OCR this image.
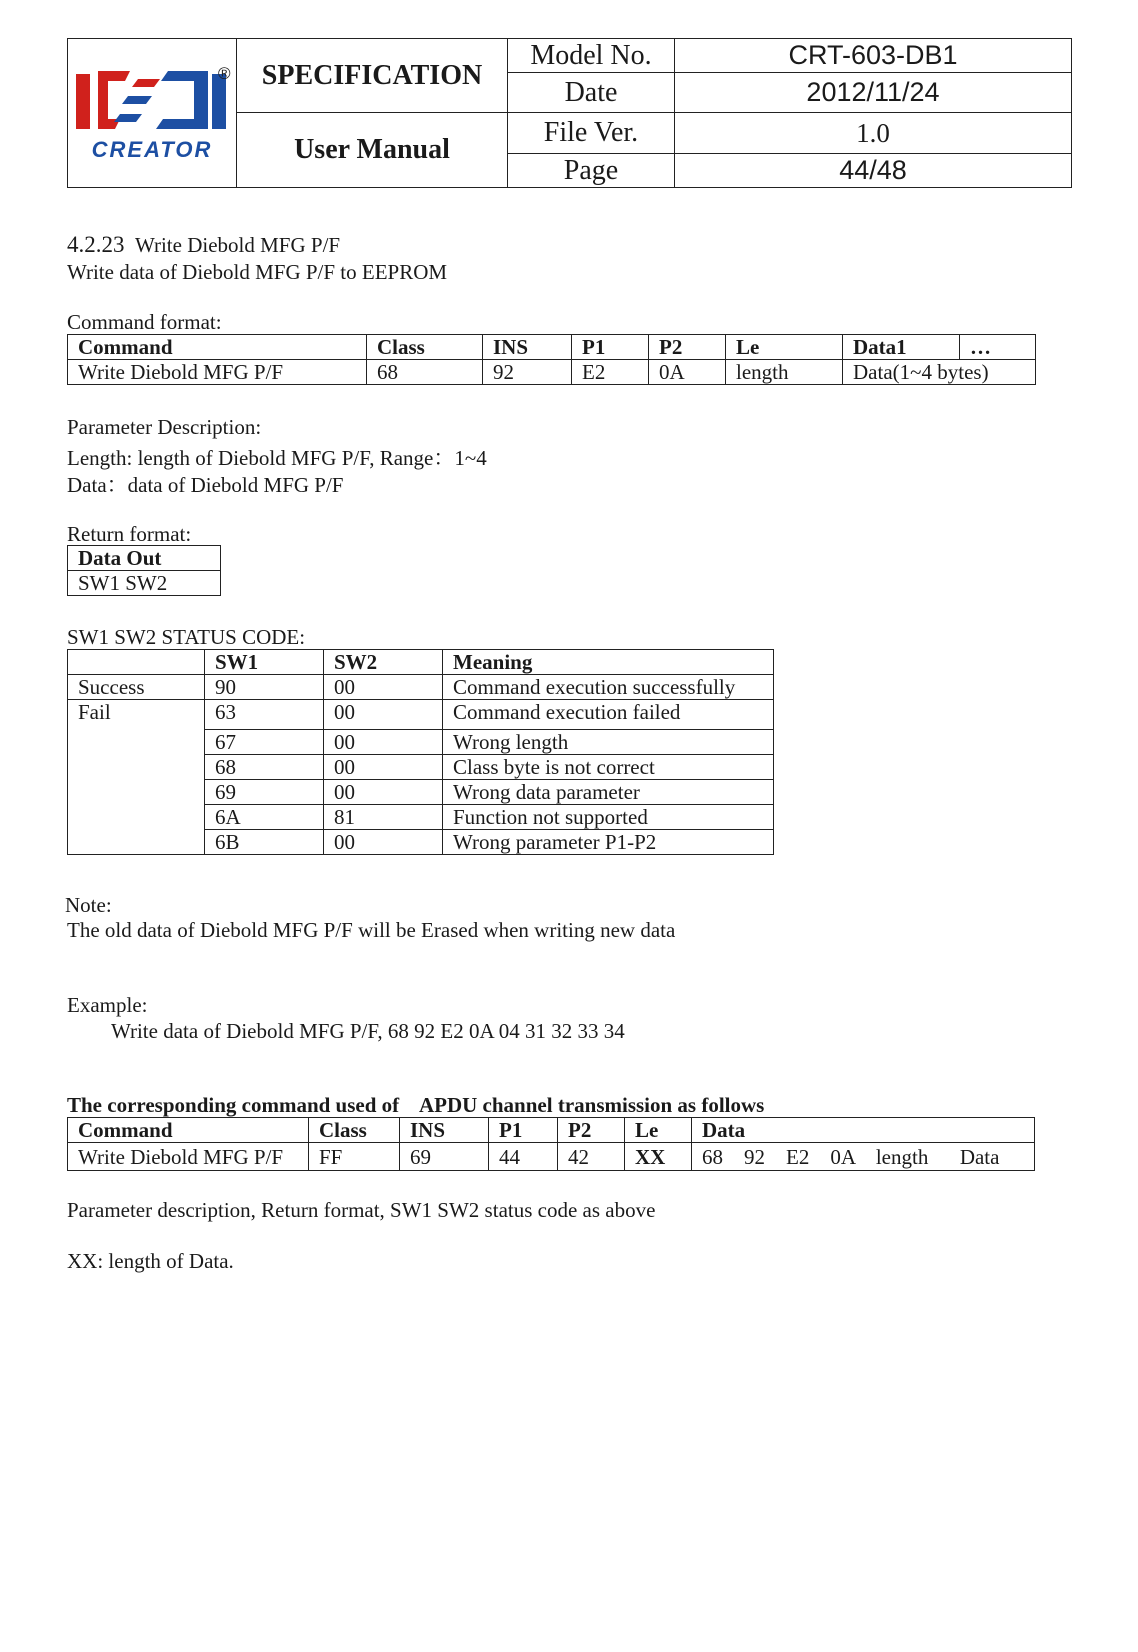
CREATOR
®	SPECIFICATION	Model No.	CRT-603-DB1
		Date	2012/11/24
	User Manual	File Ver.	1.0
		Page	44/48
4.2.23 Write Diebold MFG P/F
Write data of Diebold MFG P/F to EEPROM
Command format:
Command	Class	INS	P1	P2	Le	Data1	…
Write Diebold MFG P/F	68	92	E2	0A	length	Data(1~4 bytes)	
Parameter Description:
Length: length of Diebold MFG P/F, Range：1~4
Data：data of Diebold MFG P/F
Return format:
Data Out
SW1 SW2
SW1 SW2 STATUS CODE:
	SW1	SW2	Meaning
Success	90	00	Command execution successfully
Fail	63	00	Command execution failed
	67	00	Wrong length
	68	00	Class byte is not correct
	69	00	Wrong data parameter
	6A	81	Function not supported
	6B	00	Wrong parameter P1-P2
Note:
The old data of Diebold MFG P/F will be Erased when writing new data
Example:
Write data of Diebold MFG P/F, 68 92 E2 0A 04 31 32 33 34
The corresponding command used of    APDU channel transmission as follows
Command	Class	INS	P1	P2	Le	Data
Write Diebold MFG P/F	FF	69	44	42	XX	68    92    E2    0A    length      Data
Parameter description, Return format, SW1 SW2 status code as above
XX: length of Data.
